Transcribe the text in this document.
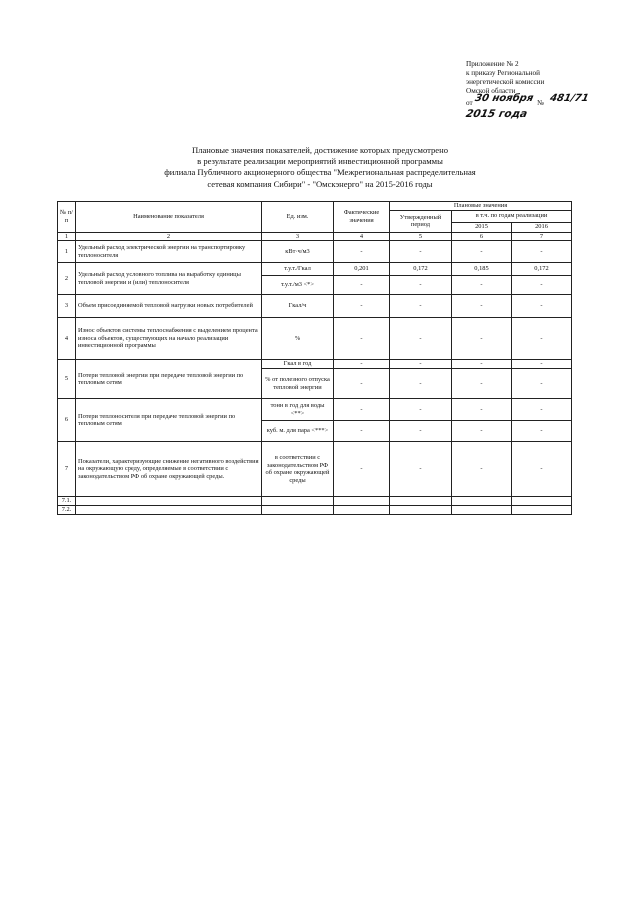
Приложение № 2
к приказу Региональной
энергетической комиссии
Омской области
от 30 ноября № 481/71
2015 года
Плановые значения показателей, достижение которых предусмотрено
в результате реализации мероприятий инвестиционной программы
филиала Публичного акционерного общества "Межрегиональная распределительная
сетевая компания Сибири" - "Омскэнерго" на 2015-2016 годы
№ п/п	Наименование показателя	Ед. изм.	Фактические значения	Плановые значения		
				Утвержденный период	в т.ч. по годам реализации	
					2015	2016
1	2	3	4	5	6	7
1	Удельный расход электрической энергии на транспортировку теплоносителя	кВт·ч/м3	-	-	-	-
2	Удельный расход условного топлива на выработку единицы тепловой энергии и (или) теплоносителя	т.у.т./Гкал	0,201	0,172	0,185	0,172
		т.у.т./м3 <*>	-	-	-	-
3	Объем присоединяемой тепловой нагрузки новых потребителей	Гкал/ч	-	-	-	-
4	Износ объектов системы теплоснабжения с выделением процента износа объектов, существующих на начало реализации инвестиционной программы	%	-	-	-	-
5	Потери тепловой энергии при передаче тепловой энергии по тепловым сетям	Гкал в год	-	-	-	-
		% от полезного отпуска тепловой энергии	-	-	-	-
6	Потери теплоносителя при передаче тепловой энергии по тепловым сетям	тонн в год для воды <**>	-	-	-	-
		куб. м. для пара <***>	-	-	-	-
7	Показатели, характеризующие снижение негативного воздействия на окружающую среду, определяемые в соответствии с законодательством РФ об охране окружающей среды.	в соответствии с законодательством РФ об охране окружающей среды	-	-	-	-
7.1.						
7.2.						
